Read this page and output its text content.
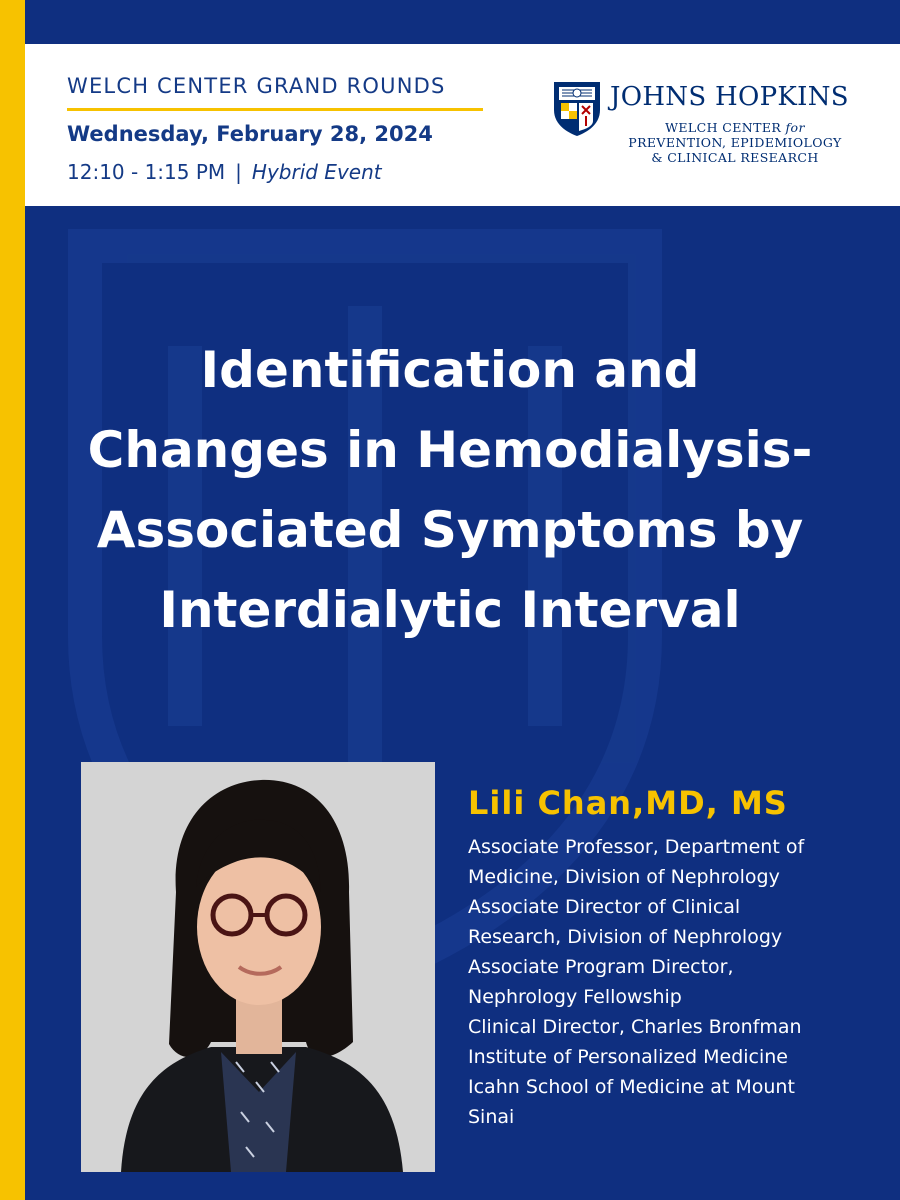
WELCH CENTER GRAND ROUNDS
Wednesday, February 28, 2024
12:10 - 1:15 PM | Hybrid Event
JOHNS HOPKINS
WELCH CENTER for
PREVENTION, EPIDEMIOLOGY
& CLINICAL RESEARCH
Identification and
Changes in Hemodialysis-
Associated Symptoms by
Interdialytic Interval
Lili Chan,MD, MS
Associate Professor, Department of
Medicine, Division of Nephrology
Associate Director of Clinical
Research, Division of Nephrology
Associate Program Director,
Nephrology Fellowship
Clinical Director, Charles Bronfman
Institute of Personalized Medicine
Icahn School of Medicine at Mount
Sinai
